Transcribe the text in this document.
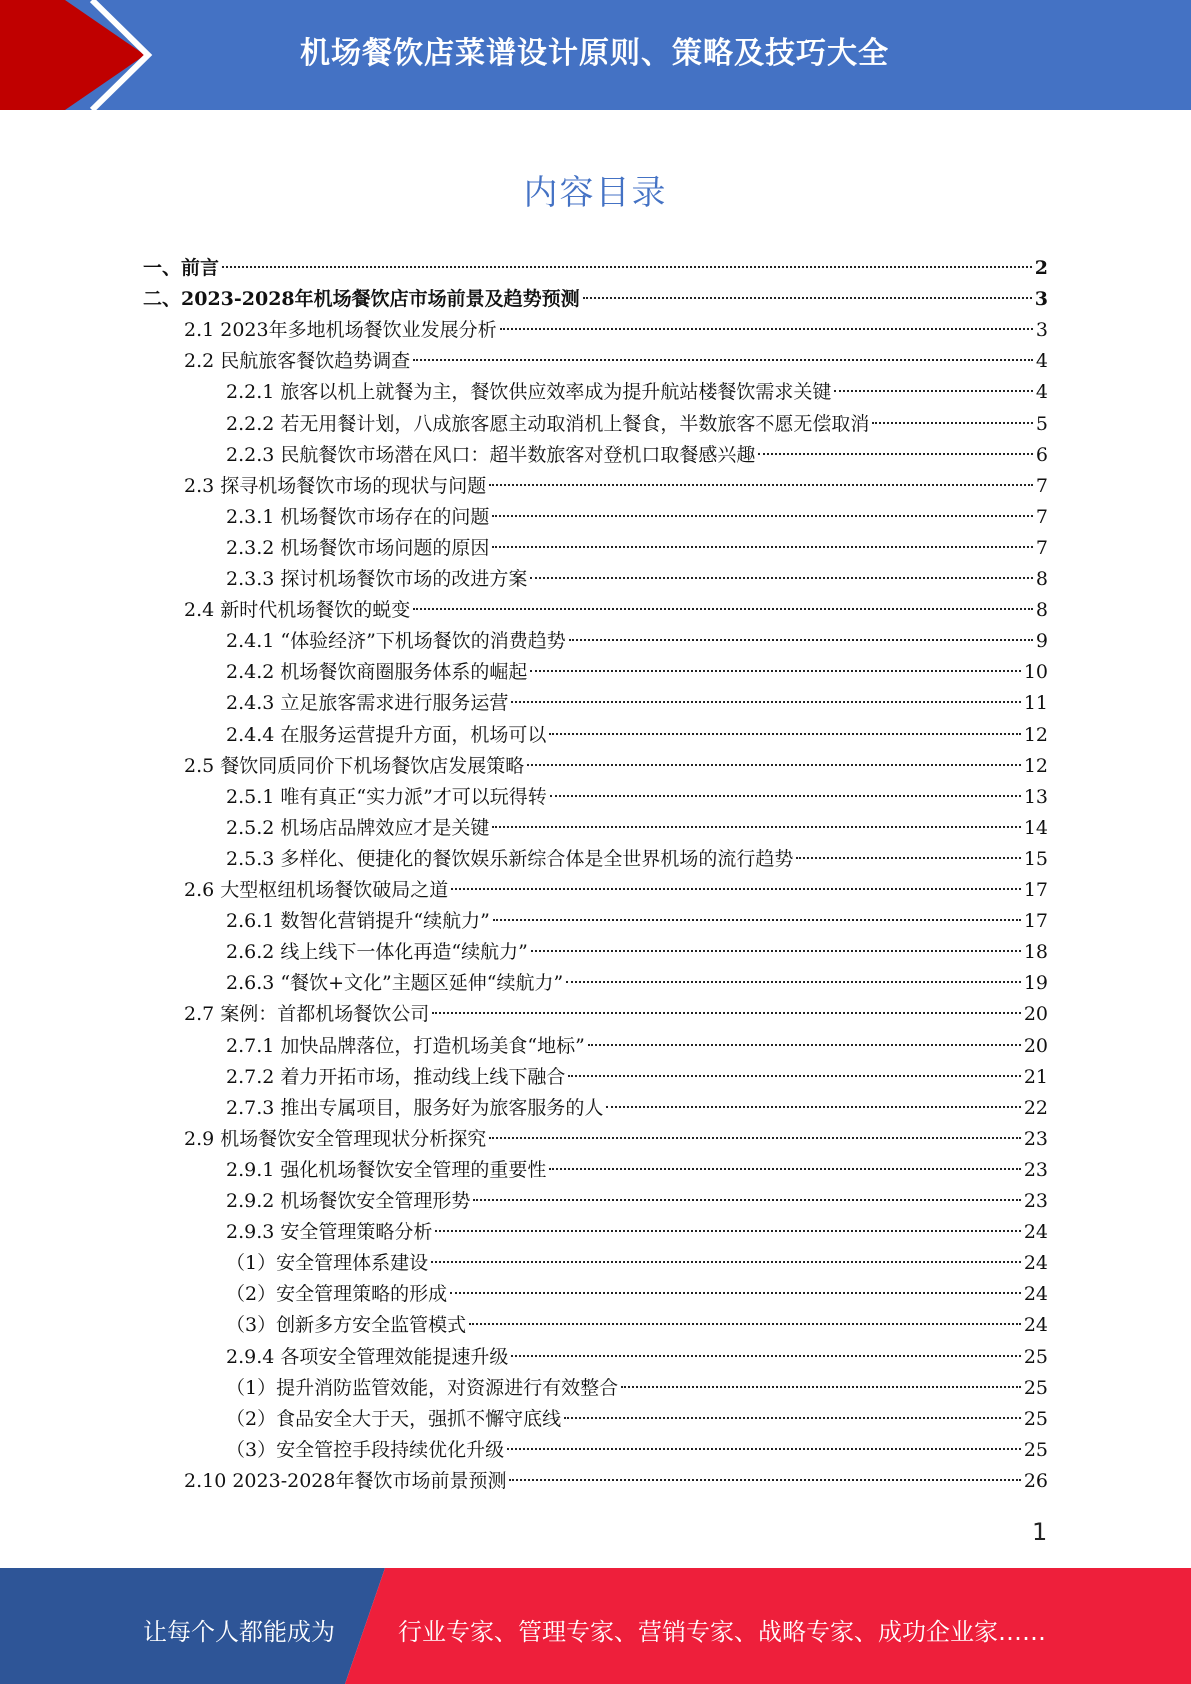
机场餐饮店菜谱设计原则、策略及技巧大全
内容目录
一、前言	2
二、2023-2028年机场餐饮店市场前景及趋势预测	3
2.1 2023年多地机场餐饮业发展分析	3
2.2 民航旅客餐饮趋势调查	4
2.2.1 旅客以机上就餐为主，餐饮供应效率成为提升航站楼餐饮需求关键	4
2.2.2 若无用餐计划，八成旅客愿主动取消机上餐食，半数旅客不愿无偿取消	5
2.2.3 民航餐饮市场潜在风口：超半数旅客对登机口取餐感兴趣	6
2.3 探寻机场餐饮市场的现状与问题	7
2.3.1 机场餐饮市场存在的问题	7
2.3.2 机场餐饮市场问题的原因	7
2.3.3 探讨机场餐饮市场的改进方案	8
2.4 新时代机场餐饮的蜕变	8
2.4.1 “体验经济”下机场餐饮的消费趋势	9
2.4.2 机场餐饮商圈服务体系的崛起	10
2.4.3 立足旅客需求进行服务运营	11
2.4.4 在服务运营提升方面，机场可以	12
2.5 餐饮同质同价下机场餐饮店发展策略	12
2.5.1 唯有真正“实力派”才可以玩得转	13
2.5.2 机场店品牌效应才是关键	14
2.5.3 多样化、便捷化的餐饮娱乐新综合体是全世界机场的流行趋势	15
2.6 大型枢纽机场餐饮破局之道	17
2.6.1 数智化营销提升“续航力”	17
2.6.2 线上线下一体化再造“续航力”	18
2.6.3 “餐饮+文化”主题区延伸“续航力”	19
2.7 案例：首都机场餐饮公司	20
2.7.1 加快品牌落位，打造机场美食“地标”	20
2.7.2 着力开拓市场，推动线上线下融合	21
2.7.3 推出专属项目，服务好为旅客服务的人	22
2.9 机场餐饮安全管理现状分析探究	23
2.9.1 强化机场餐饮安全管理的重要性	23
2.9.2 机场餐饮安全管理形势	23
2.9.3 安全管理策略分析	24
（1）安全管理体系建设	24
（2）安全管理策略的形成	24
（3）创新多方安全监管模式	24
2.9.4 各项安全管理效能提速升级	25
（1）提升消防监管效能，对资源进行有效整合	25
（2）食品安全大于天，强抓不懈守底线	25
（3）安全管控手段持续优化升级	25
2.10 2023-2028年餐饮市场前景预测	26
1
让每个人都能成为	行业专家、管理专家、营销专家、战略专家、成功企业家……
